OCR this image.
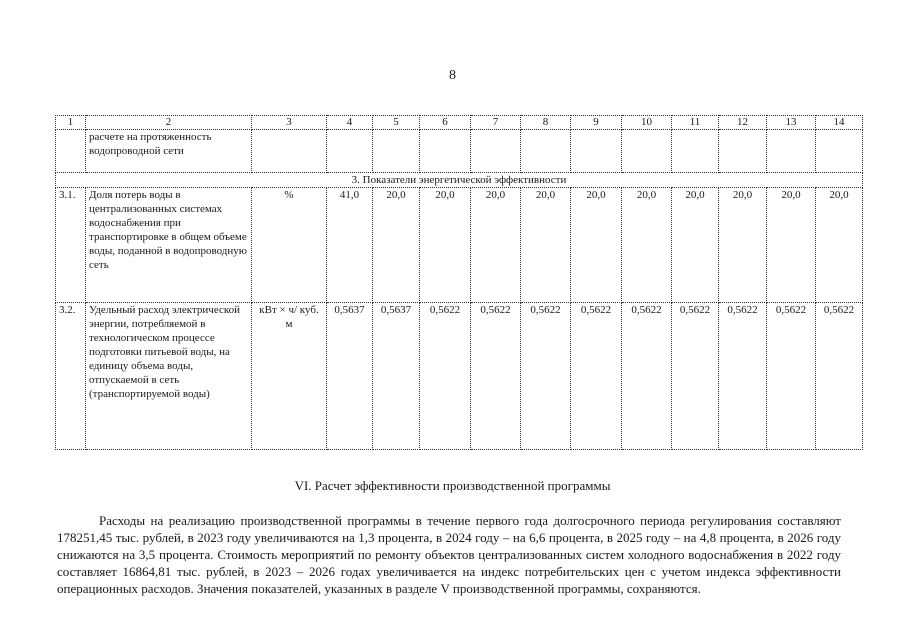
8
1	2	3	4	5	6	7	8	9	10	11	12	13	14
	расчете на протяженность водопроводной сети												
3. Показатели энергетической эффективности													
3.1.	Доля потерь воды в централизованных системах водоснабжения при транспортировке в общем объеме воды, поданной в водопроводную сеть	%	41,0	20,0	20,0	20,0	20,0	20,0	20,0	20,0	20,0	20,0	20,0
3.2.	Удельный расход электрической энергии, потребляемой в технологическом процессе подготовки питьевой воды, на единицу объема воды, отпускаемой в сеть (транспортируемой воды)	кВт × ч/ куб. м	0,5637	0,5637	0,5622	0,5622	0,5622	0,5622	0,5622	0,5622	0,5622	0,5622	0,5622
VI. Расчет эффективности производственной программы

Расходы на реализацию производственной программы в течение первого года долгосрочного периода регулирования составляют 178251,45 тыс. рублей, в 2023 году увеличиваются на 1,3 процента, в 2024 году – на 6,6 процента, в 2025 году – на 4,8 процента, в 2026 году снижаются на 3,5 процента. Стоимость мероприятий по ремонту объектов централизованных систем холодного водоснабжения в 2022 году составляет 16864,81 тыс. рублей, в 2023 – 2026 годах увеличивается на индекс потребительских цен с учетом индекса эффективности операционных расходов. Значения показателей, указанных в разделе V производственной программы, сохраняются.
